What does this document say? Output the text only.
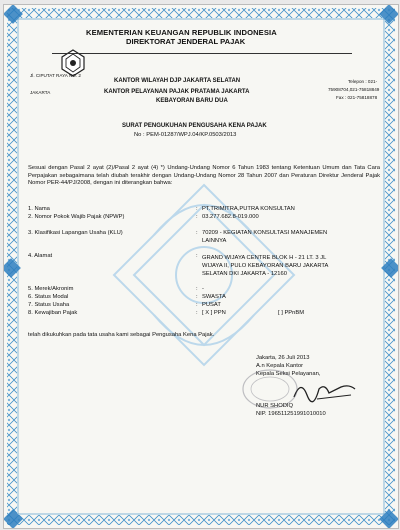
KEMENTERIAN KEUANGAN REPUBLIK INDONESIA
DIREKTORAT JENDERAL PAJAK
Jl. CIPUTAT RAYA NO. 2
JAKARTA
KANTOR WILAYAH DJP JAKARTA SELATAN
KANTOR PELAYANAN PAJAK PRATAMA JAKARTA
KEBAYORAN BARU DUA
Telepon : 021-
75908704,021-75818849
Fax : 021-75818878
SURAT PENGUKUHAN PENGUSAHA KENA PAJAK
No : PEM-01287/WPJ.04/KP.0503/2013
Sesuai dengan Pasal 2 ayat (2)/Pasal 2 ayat (4) *) Undang-Undang Nomor 6 Tahun 1983 tentang Ketentuan Umum dan Tata Cara Perpajakan sebagaimana telah diubah terakhir dengan Undang-Undang Nomor 28 Tahun 2007 dan Peraturan Direktur Jenderal Pajak Nomor PER-44/PJ/2008, dengan ini diterangkan bahwa:
1. Nama	: PT.TRIMITRA,PUTRA KONSULTAN
2. Nomor Pokok Wajib Pajak (NPWP)	: 03.277.682.8-019.000
3. Klasifikasi Lapangan Usaha (KLU)	: 70209 - KEGIATAN KONSULTASI MANAJEMEN
LAINNYA
4. Alamat	: GRAND WIJAYA CENTRE BLOK H - 21 LT. 3 JL
WIJAYA II, PULO KEBAYORAN BARU JAKARTA
SELATAN DKI JAKARTA - 12160
5. Merek/Akronim	: -
6. Status Modal	: SWASTA
7. Status Usaha	: PUSAT
8. Kewajiban Pajak	: [ X ] PPN	[ ] PPnBM
telah dikukuhkan pada tata usaha kami sebagai Pengusaha Kena Pajak.
Jakarta, 26 Juli 2013
A.n Kepala Kantor
Kepala Seksi Pelayanan,
NUR SHODIQ
NIP. 196511251991010010
